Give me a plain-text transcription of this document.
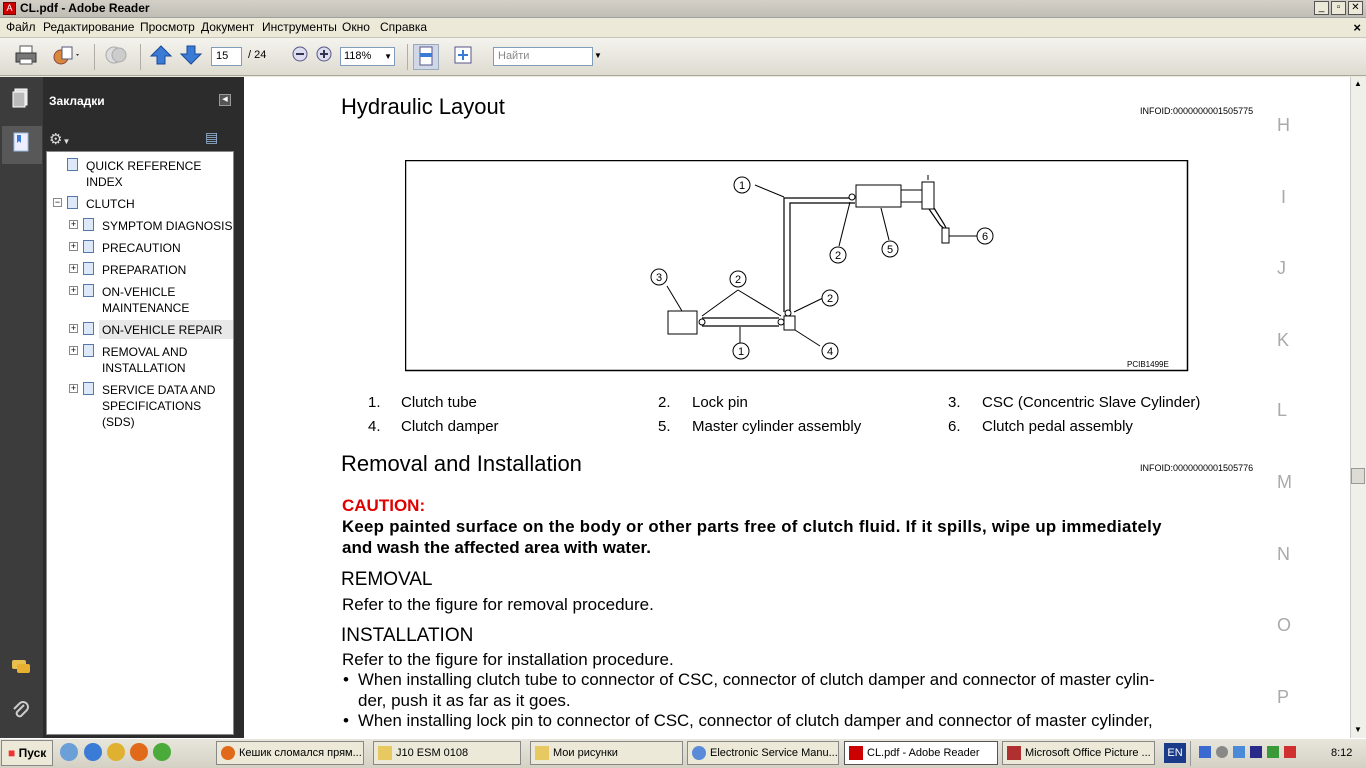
A CL.pdf - Adobe Reader	_	▫	✕
Файл Редактирование Просмотр Документ Инструменты Окно Справка	×
15	/ 24	118% ▼	Найти	▼
Закладки	◀
⚙▼	▤
QUICK REFERENCE
INDEX
− CLUTCH
+ SYMPTOM DIAGNOSIS
+ PRECAUTION
+ PREPARATION
+ ON-VEHICLE
MAINTENANCE
+ ON-VEHICLE REPAIR
+ REMOVAL AND
INSTALLATION
+ SERVICE DATA AND
SPECIFICATIONS
(SDS)
Hydraulic Layout	INFOID:0000000001505775
1
2
2
2
3
4
5
6
1
PCIB1499E
1. Clutch tube	2. Lock pin	3. CSC (Concentric Slave Cylinder)
4. Clutch damper	5. Master cylinder assembly	6. Clutch pedal assembly
Removal and Installation	INFOID:0000000001505776
CAUTION:
Keep painted surface on the body or other parts free of clutch fluid. If it spills, wipe up immediately
and wash the affected area with water.
REMOVAL
Refer to the figure for removal procedure.
INSTALLATION
Refer to the figure for installation procedure.
• When installing clutch tube to connector of CSC, connector of clutch damper and connector of master cylin-
der, push it as far as it goes.
• When installing lock pin to connector of CSC, connector of clutch damper and connector of master cylinder,
H
I
J
K
L
M
N
O
P
▲
▼
■ Пуск	Кешик сломался прям...	J10 ESM 0108	Мои рисунки	Electronic Service Manu...	CL.pdf - Adobe Reader	Microsoft Office Picture ...	EN	8:12
